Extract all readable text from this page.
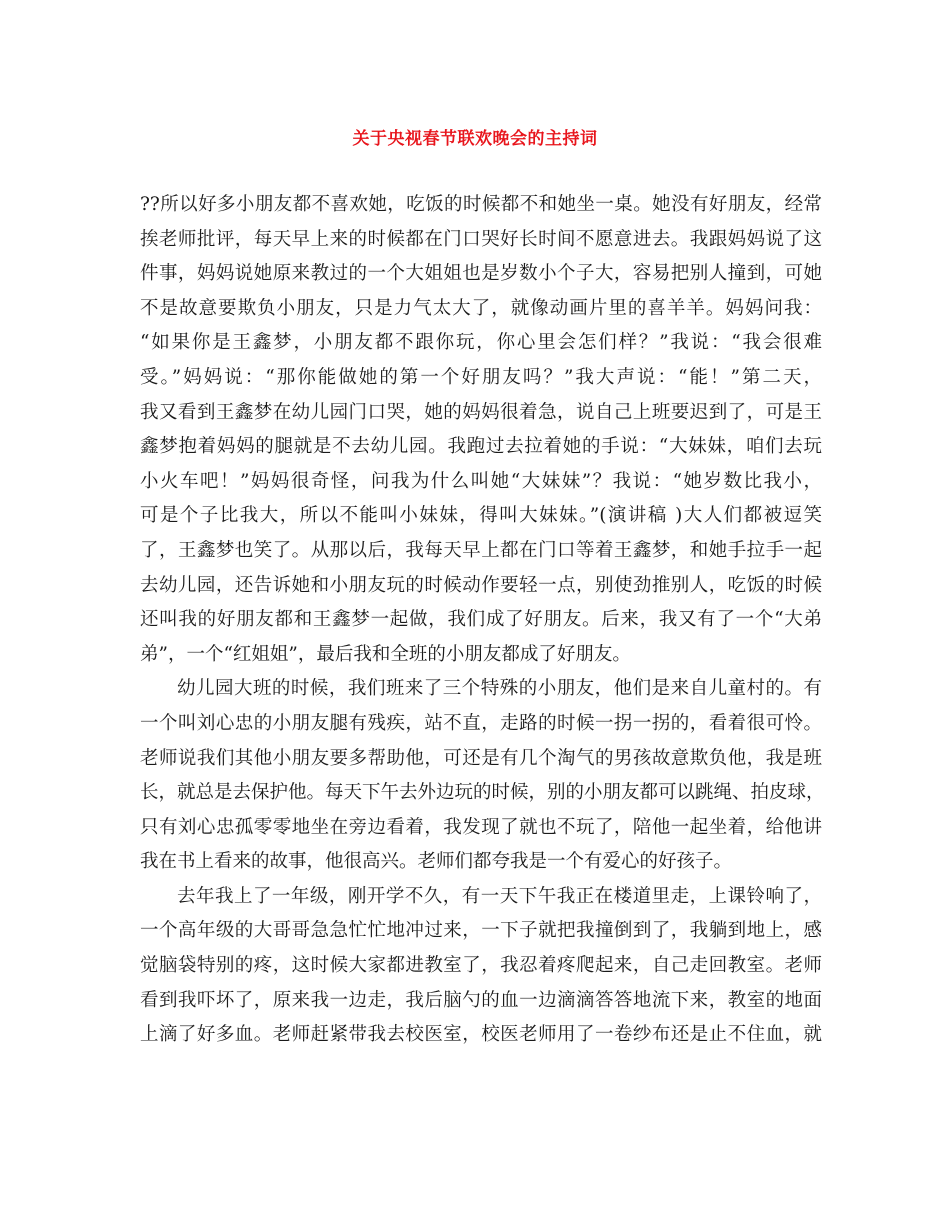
关于央视春节联欢晚会的主持词
??所以好多小朋友都不喜欢她，吃饭的时候都不和她坐一桌。她没有好朋友，经常
挨老师批评，每天早上来的时候都在门口哭好长时间不愿意进去。我跟妈妈说了这
件事，妈妈说她原来教过的一个大姐姐也是岁数小个子大，容易把别人撞到，可她
不是故意要欺负小朋友，只是力气太大了，就像动画片里的喜羊羊。妈妈问我：
“如果你是王鑫梦，小朋友都不跟你玩，你心里会怎们样？”我说：“我会很难
受。”妈妈说：“那你能做她的第一个好朋友吗？”我大声说：“能！”第二天，
我又看到王鑫梦在幼儿园门口哭，她的妈妈很着急，说自己上班要迟到了，可是王
鑫梦抱着妈妈的腿就是不去幼儿园。我跑过去拉着她的手说：“大妹妹，咱们去玩
小火车吧！”妈妈很奇怪，问我为什么叫她“大妹妹”？我说：“她岁数比我小，
可是个子比我大，所以不能叫小妹妹，得叫大妹妹。”(演讲稿 )大人们都被逗笑
了，王鑫梦也笑了。从那以后，我每天早上都在门口等着王鑫梦，和她手拉手一起
去幼儿园，还告诉她和小朋友玩的时候动作要轻一点，别使劲推别人，吃饭的时候
还叫我的好朋友都和王鑫梦一起做，我们成了好朋友。后来，我又有了一个“大弟
弟”，一个“红姐姐”，最后我和全班的小朋友都成了好朋友。
幼儿园大班的时候，我们班来了三个特殊的小朋友，他们是来自儿童村的。有
一个叫刘心忠的小朋友腿有残疾，站不直，走路的时候一拐一拐的，看着很可怜。
老师说我们其他小朋友要多帮助他，可还是有几个淘气的男孩故意欺负他，我是班
长，就总是去保护他。每天下午去外边玩的时候，别的小朋友都可以跳绳、拍皮球，
只有刘心忠孤零零地坐在旁边看着，我发现了就也不玩了，陪他一起坐着，给他讲
我在书上看来的故事，他很高兴。老师们都夸我是一个有爱心的好孩子。
去年我上了一年级，刚开学不久，有一天下午我正在楼道里走，上课铃响了，
一个高年级的大哥哥急急忙忙地冲过来，一下子就把我撞倒到了，我躺到地上，感
觉脑袋特别的疼，这时候大家都进教室了，我忍着疼爬起来，自己走回教室。老师
看到我吓坏了，原来我一边走，我后脑勺的血一边滴滴答答地流下来，教室的地面
上滴了好多血。老师赶紧带我去校医室，校医老师用了一卷纱布还是止不住血，就
